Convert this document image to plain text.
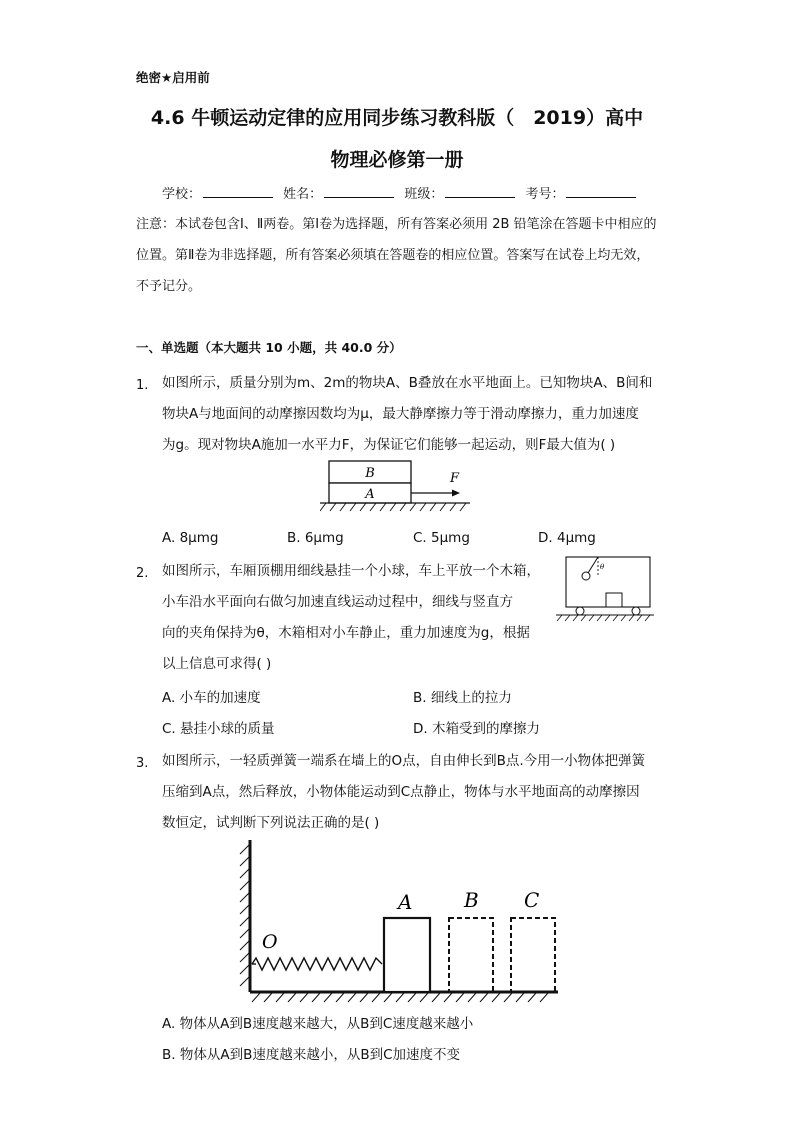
绝密★启用前
4.6 牛顿运动定律的应用同步练习教科版（　2019）高中
物理必修第一册
学校：	姓名：	班级：	考号：
注意：本试卷包含Ⅰ、Ⅱ两卷。第Ⅰ卷为选择题，所有答案必须用 2B 铅笔涂在答题卡中相应的位置。第Ⅱ卷为非选择题，所有答案必须填在答题卷的相应位置。答案写在试卷上均无效，不予记分。
一、单选题（本大题共 10 小题，共 40.0 分）
1. 如图所示，质量分别为m、2m的物块A、B叠放在水平地面上。已知物块A、B间和
物块A与地面间的动摩擦因数均为μ，最大静摩擦力等于滑动摩擦力，重力加速度
为g。现对物块A施加一水平力F，为保证它们能够一起运动，则F最大值为( )
B
A
F
A. 8μmg	B. 6μmg	C. 5μmg	D. 4μmg
2. 如图所示，车厢顶棚用细线悬挂一个小球，车上平放一个木箱，
小车沿水平面向右做匀加速直线运动过程中，细线与竖直方
向的夹角保持为θ，木箱相对小车静止，重力加速度为g，根据
以上信息可求得( )
θ
A. 小车的加速度	B. 细线上的拉力
C. 悬挂小球的质量	D. 木箱受到的摩擦力
3. 如图所示，一轻质弹簧一端系在墙上的O点，自由伸长到B点.今用一小物体把弹簧
压缩到A点，然后释放，小物体能运动到C点静止，物体与水平地面高的动摩擦因
数恒定，试判断下列说法正确的是( )
O
A	B C
A. 物体从A到B速度越来越大，从B到C速度越来越小
B. 物体从A到B速度越来越小，从B到C加速度不变
